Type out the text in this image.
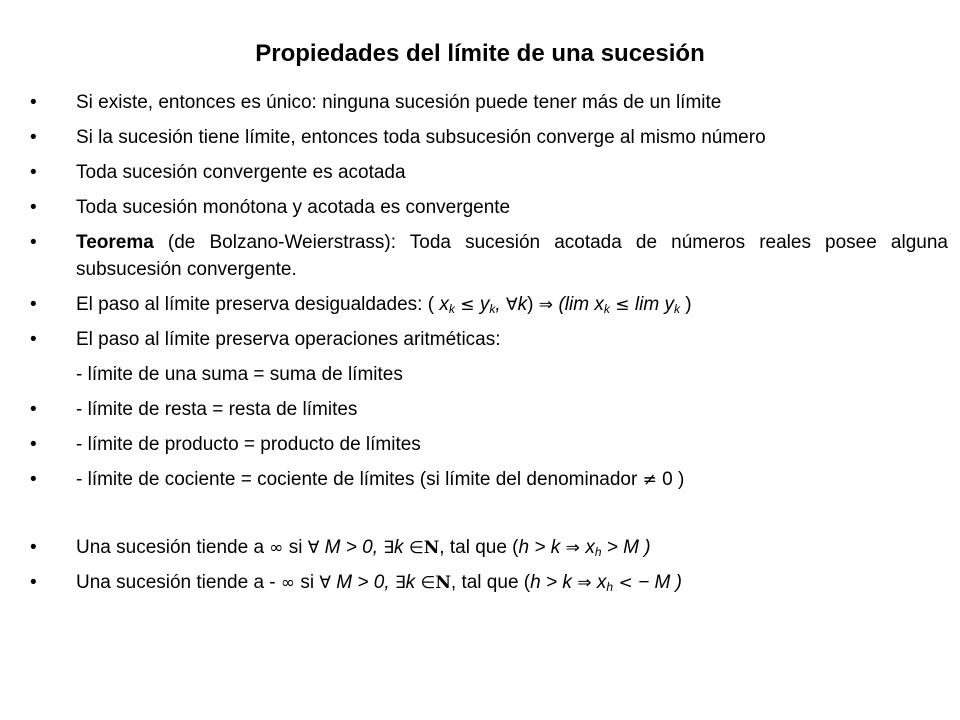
Propiedades del límite de una sucesión
•	Si existe, entonces es único: ninguna sucesión puede tener más de un límite
•	Si la sucesión tiene límite, entonces toda subsucesión converge al mismo número
•	Toda sucesión convergente es acotada
•	Toda sucesión monótona y acotada es convergente
•	Teorema (de Bolzano-Weierstrass): Toda sucesión acotada de números reales posee alguna subsucesión convergente.
•	El paso al límite preserva desigualdades: ( $x_k \le y_k$, ∀k) ⇒ (lim $x_k \le \lim y_k$ )
•	El paso al límite preserva operaciones aritméticas:
- límite de una suma = suma de límites
•	- límite de resta = resta de límites
•	- límite de producto = producto de límites
•	- límite de cociente = cociente de límites (si límite del denominador ≠ 0 )
•	Una sucesión tiende a ∞ si ∀ M > 0, ∃k ∈N, tal que (h > k ⇒ $x_h > M$ )
•	Una sucesión tiende a - ∞ si ∀ M > 0, ∃k ∈N, tal que (h > k ⇒ $x_h$ < − M )
